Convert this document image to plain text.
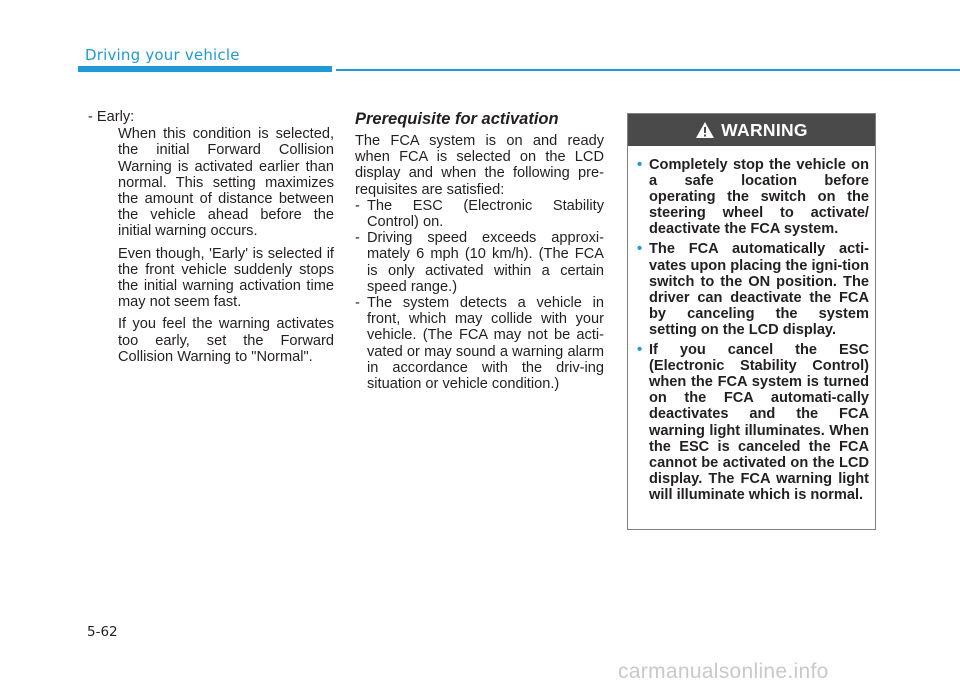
Driving your vehicle

- Early:

When this condition is selected, the initial Forward Collision Warning is activated earlier than normal. This setting maximizes the amount of distance between the vehicle ahead before the initial warning occurs.

Even though, 'Early' is selected if the front vehicle suddenly stops the initial warning activation time may not seem fast.

If you feel the warning activates too early, set the Forward Collision Warning to "Normal".

Prerequisite for activation

The FCA system is on and ready when FCA is selected on the LCD display and when the following pre-requisites are satisfied:

- The ESC (Electronic Stability Control) on.

- Driving speed exceeds approxi-mately 6 mph (10 km/h). (The FCA is only activated within a certain speed range.)

- The system detects a vehicle in front, which may collide with your vehicle. (The FCA may not be acti-vated or may sound a warning alarm in accordance with the driv-ing situation or vehicle condition.)

WARNING
• Completely stop the vehicle on a safe location before operating the switch on the steering wheel to activate/ deactivate the FCA system.

• The FCA automatically acti-vates upon placing the igni-tion switch to the ON position. The driver can deactivate the FCA by canceling the system setting on the LCD display.

• If you cancel the ESC (Electronic Stability Control) when the FCA system is turned on the FCA automati-cally deactivates and the FCA warning light illuminates. When the ESC is canceled the FCA cannot be activated on the LCD display. The FCA warning light will illuminate which is normal.

5-62
carmanualsonline.info
